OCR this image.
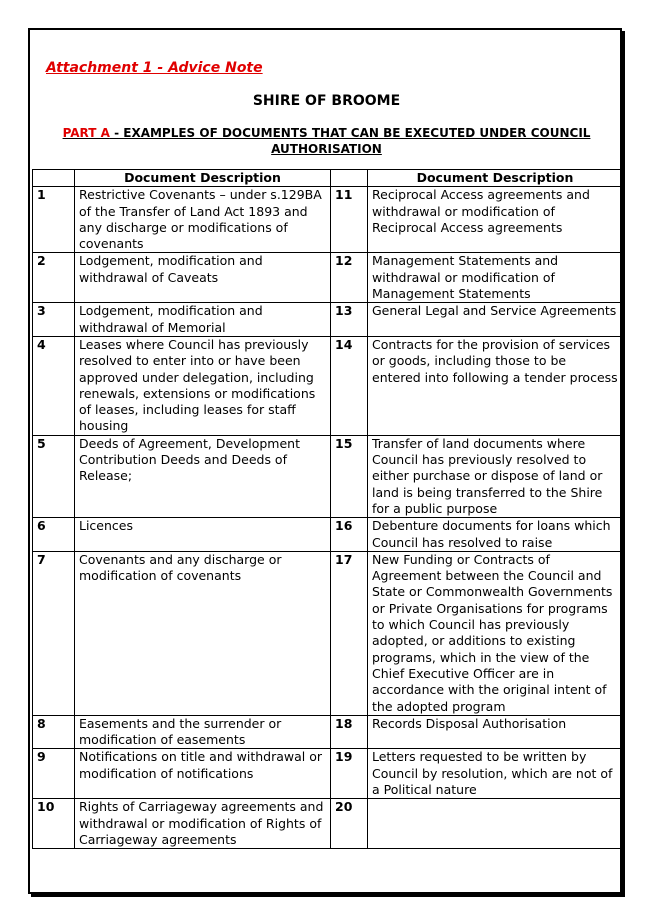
Attachment 1 - Advice Note
SHIRE OF BROOME
PART A - EXAMPLES OF DOCUMENTS THAT CAN BE EXECUTED UNDER COUNCIL AUTHORISATION
	Document Description		Document Description
1	Restrictive Covenants – under s.129BA of the Transfer of Land Act 1893 and any discharge or modifications of covenants	11	Reciprocal Access agreements and withdrawal or modification of Reciprocal Access agreements
2	Lodgement, modification and withdrawal of Caveats	12	Management Statements and withdrawal or modification of Management Statements
3	Lodgement, modification and withdrawal of Memorial	13	General Legal and Service Agreements
4	Leases where Council has previously resolved to enter into or have been approved under delegation, including renewals, extensions or modifications of leases, including leases for staff housing	14	Contracts for the provision of services or goods, including those to be entered into following a tender process
5	Deeds of Agreement, Development Contribution Deeds and Deeds of Release;	15	Transfer of land documents where Council has previously resolved to either purchase or dispose of land or land is being transferred to the Shire for a public purpose
6	Licences	16	Debenture documents for loans which Council has resolved to raise
7	Covenants and any discharge or modification of covenants	17	New Funding or Contracts of Agreement between the Council and State or Commonwealth Governments or Private Organisations for programs to which Council has previously adopted, or additions to existing programs, which in the view of the Chief Executive Officer are in accordance with the original intent of the adopted program
8	Easements and the surrender or modification of easements	18	Records Disposal Authorisation
9	Notifications on title and withdrawal or modification of notifications	19	Letters requested to be written by Council by resolution, which are not of a Political nature
10	Rights of Carriageway agreements and withdrawal or modification of Rights of Carriageway agreements	20	
